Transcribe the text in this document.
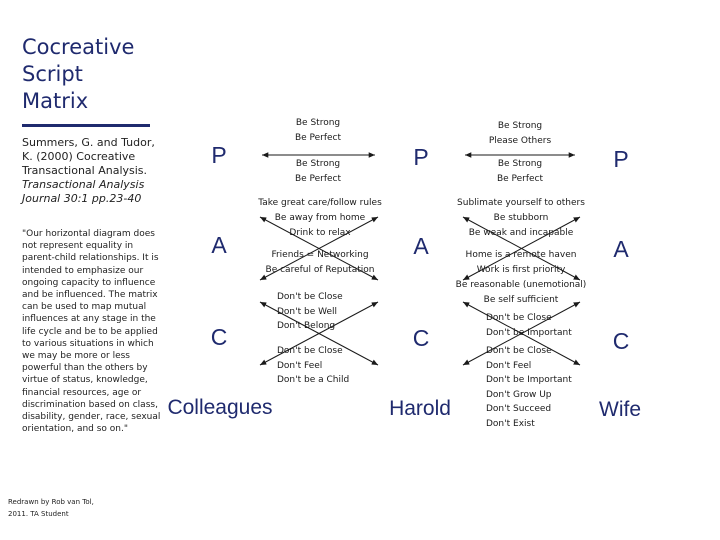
Cocreative
Script
Matrix
Summers, G. and Tudor, K. (2000) Cocreative Transactional Analysis. Transactional Analysis Journal 30:1 pp.23-40
"Our horizontal diagram does not represent equality in parent-child relationships. It is intended to emphasize our ongoing capacity to influence and be influenced. The matrix can be used to map mutual influences at any stage in the life cycle and be to be applied to various situations in which we may be more or less powerful than the others by virtue of status, knowledge, financial resources, age or discrimination based on class, disability, gender, race, sexual orientation, and so on."
Redrawn by Rob van Tol,
2011. TA Student
P
A
C
P
A
C
P
A
C
Colleagues	Harold	Wife
Be Strong
Be Perfect
Be Strong
Be Perfect
Be Strong
Please Others
Be Strong
Be Perfect
Take great care/follow rules
Be away from home
Drink to relax
Friends = Networking
Be careful of Reputation
Sublimate yourself to others
Be stubborn
Be weak and incapable
Home is a remote haven
Work is first priority
Be reasonable (unemotional)
Be self sufficient
Don't be Close
Don't be Well
Don't Belong
Don't be Close
Don't Feel
Don't be a Child
Don't be Close
Don't be Important
Don't be Close
Don't Feel
Don't be Important
Don't Grow Up
Don't Succeed
Don't Exist
